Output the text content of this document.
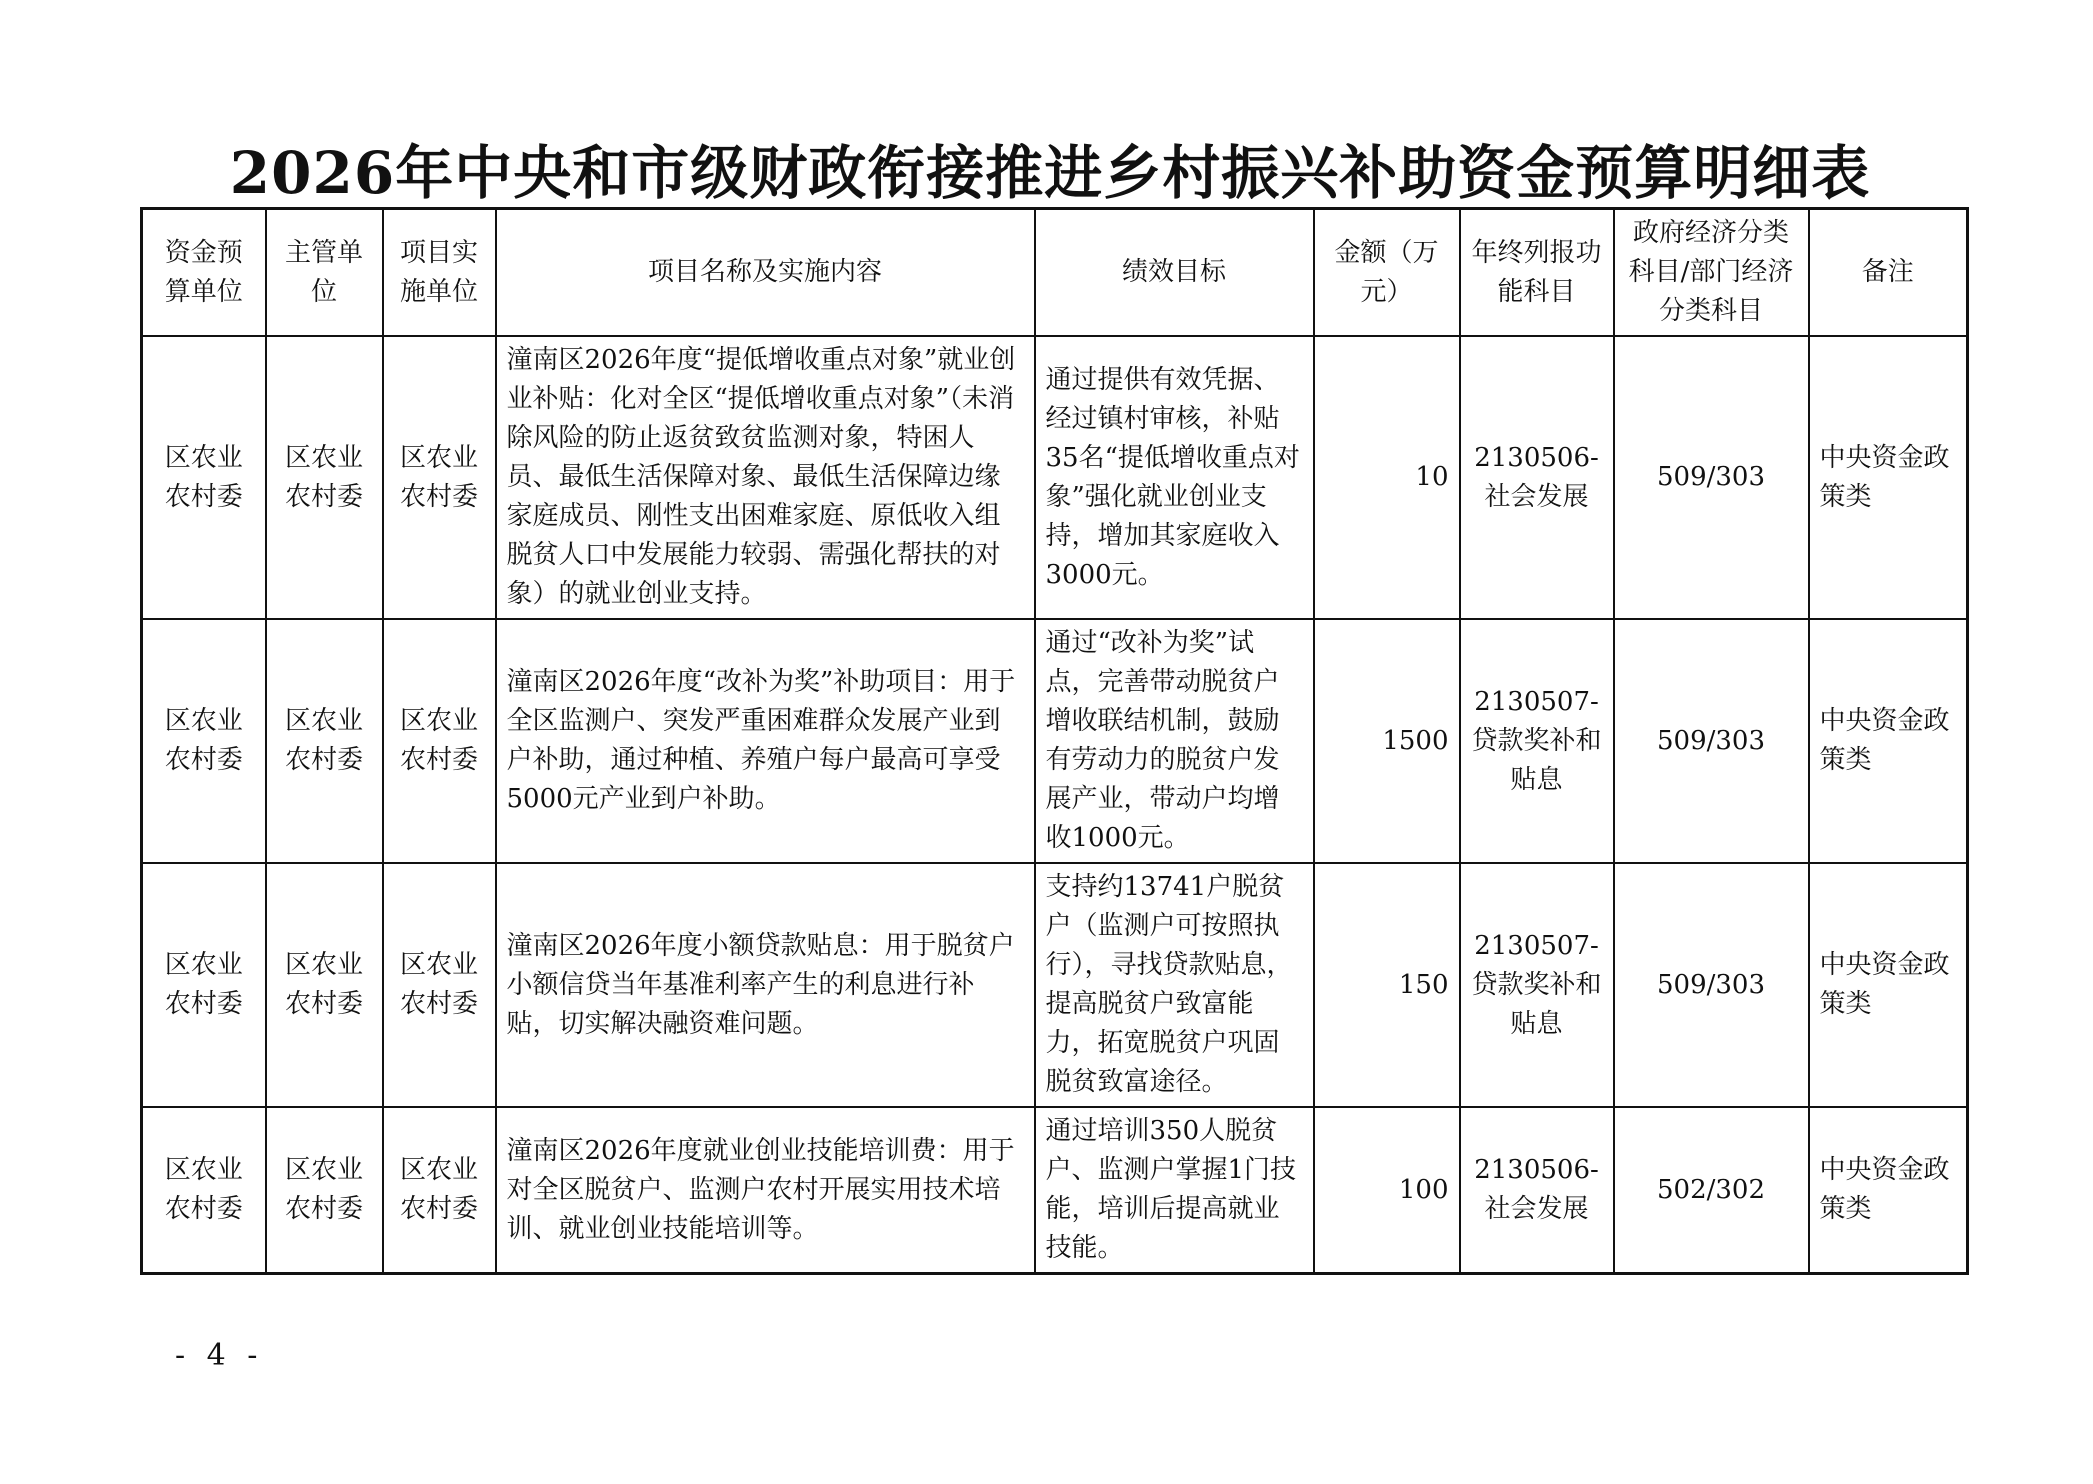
2026年中央和市级财政衔接推进乡村振兴补助资金预算明细表
资金预算单位	主管单位	项目实施单位	项目名称及实施内容	绩效目标	金额（万元）	年终列报功能科目	政府经济分类科目/部门经济分类科目	备注
区农业农村委	区农业农村委	区农业农村委	潼南区2026年度“提低增收重点对象”就业创业补贴：化对全区“提低增收重点对象”（未消除风险的防止返贫致贫监测对象，特困人员、最低生活保障对象、最低生活保障边缘家庭成员、刚性支出困难家庭、原低收入组脱贫人口中发展能力较弱、需强化帮扶的对象）的就业创业支持。	通过提供有效凭据、经过镇村审核，补贴35名“提低增收重点对象”强化就业创业支持，增加其家庭收入3000元。	10	2130506-社会发展	509/303	中央资金政策类
区农业农村委	区农业农村委	区农业农村委	潼南区2026年度“改补为奖”补助项目：用于全区监测户、突发严重困难群众发展产业到户补助，通过种植、养殖户每户最高可享受5000元产业到户补助。	通过“改补为奖”试点，完善带动脱贫户增收联结机制，鼓励有劳动力的脱贫户发展产业，带动户均增收1000元。	1500	2130507-贷款奖补和贴息	509/303	中央资金政策类
区农业农村委	区农业农村委	区农业农村委	潼南区2026年度小额贷款贴息：用于脱贫户小额信贷当年基准利率产生的利息进行补贴，切实解决融资难问题。	支持约13741户脱贫户（监测户可按照执行），寻找贷款贴息，提高脱贫户致富能力，拓宽脱贫户巩固脱贫致富途径。	150	2130507-贷款奖补和贴息	509/303	中央资金政策类
区农业农村委	区农业农村委	区农业农村委	潼南区2026年度就业创业技能培训费：用于对全区脱贫户、监测户农村开展实用技术培训、就业创业技能培训等。	通过培训350人脱贫户、监测户掌握1门技能，培训后提高就业技能。	100	2130506-社会发展	502/302	中央资金政策类
- 4 -
